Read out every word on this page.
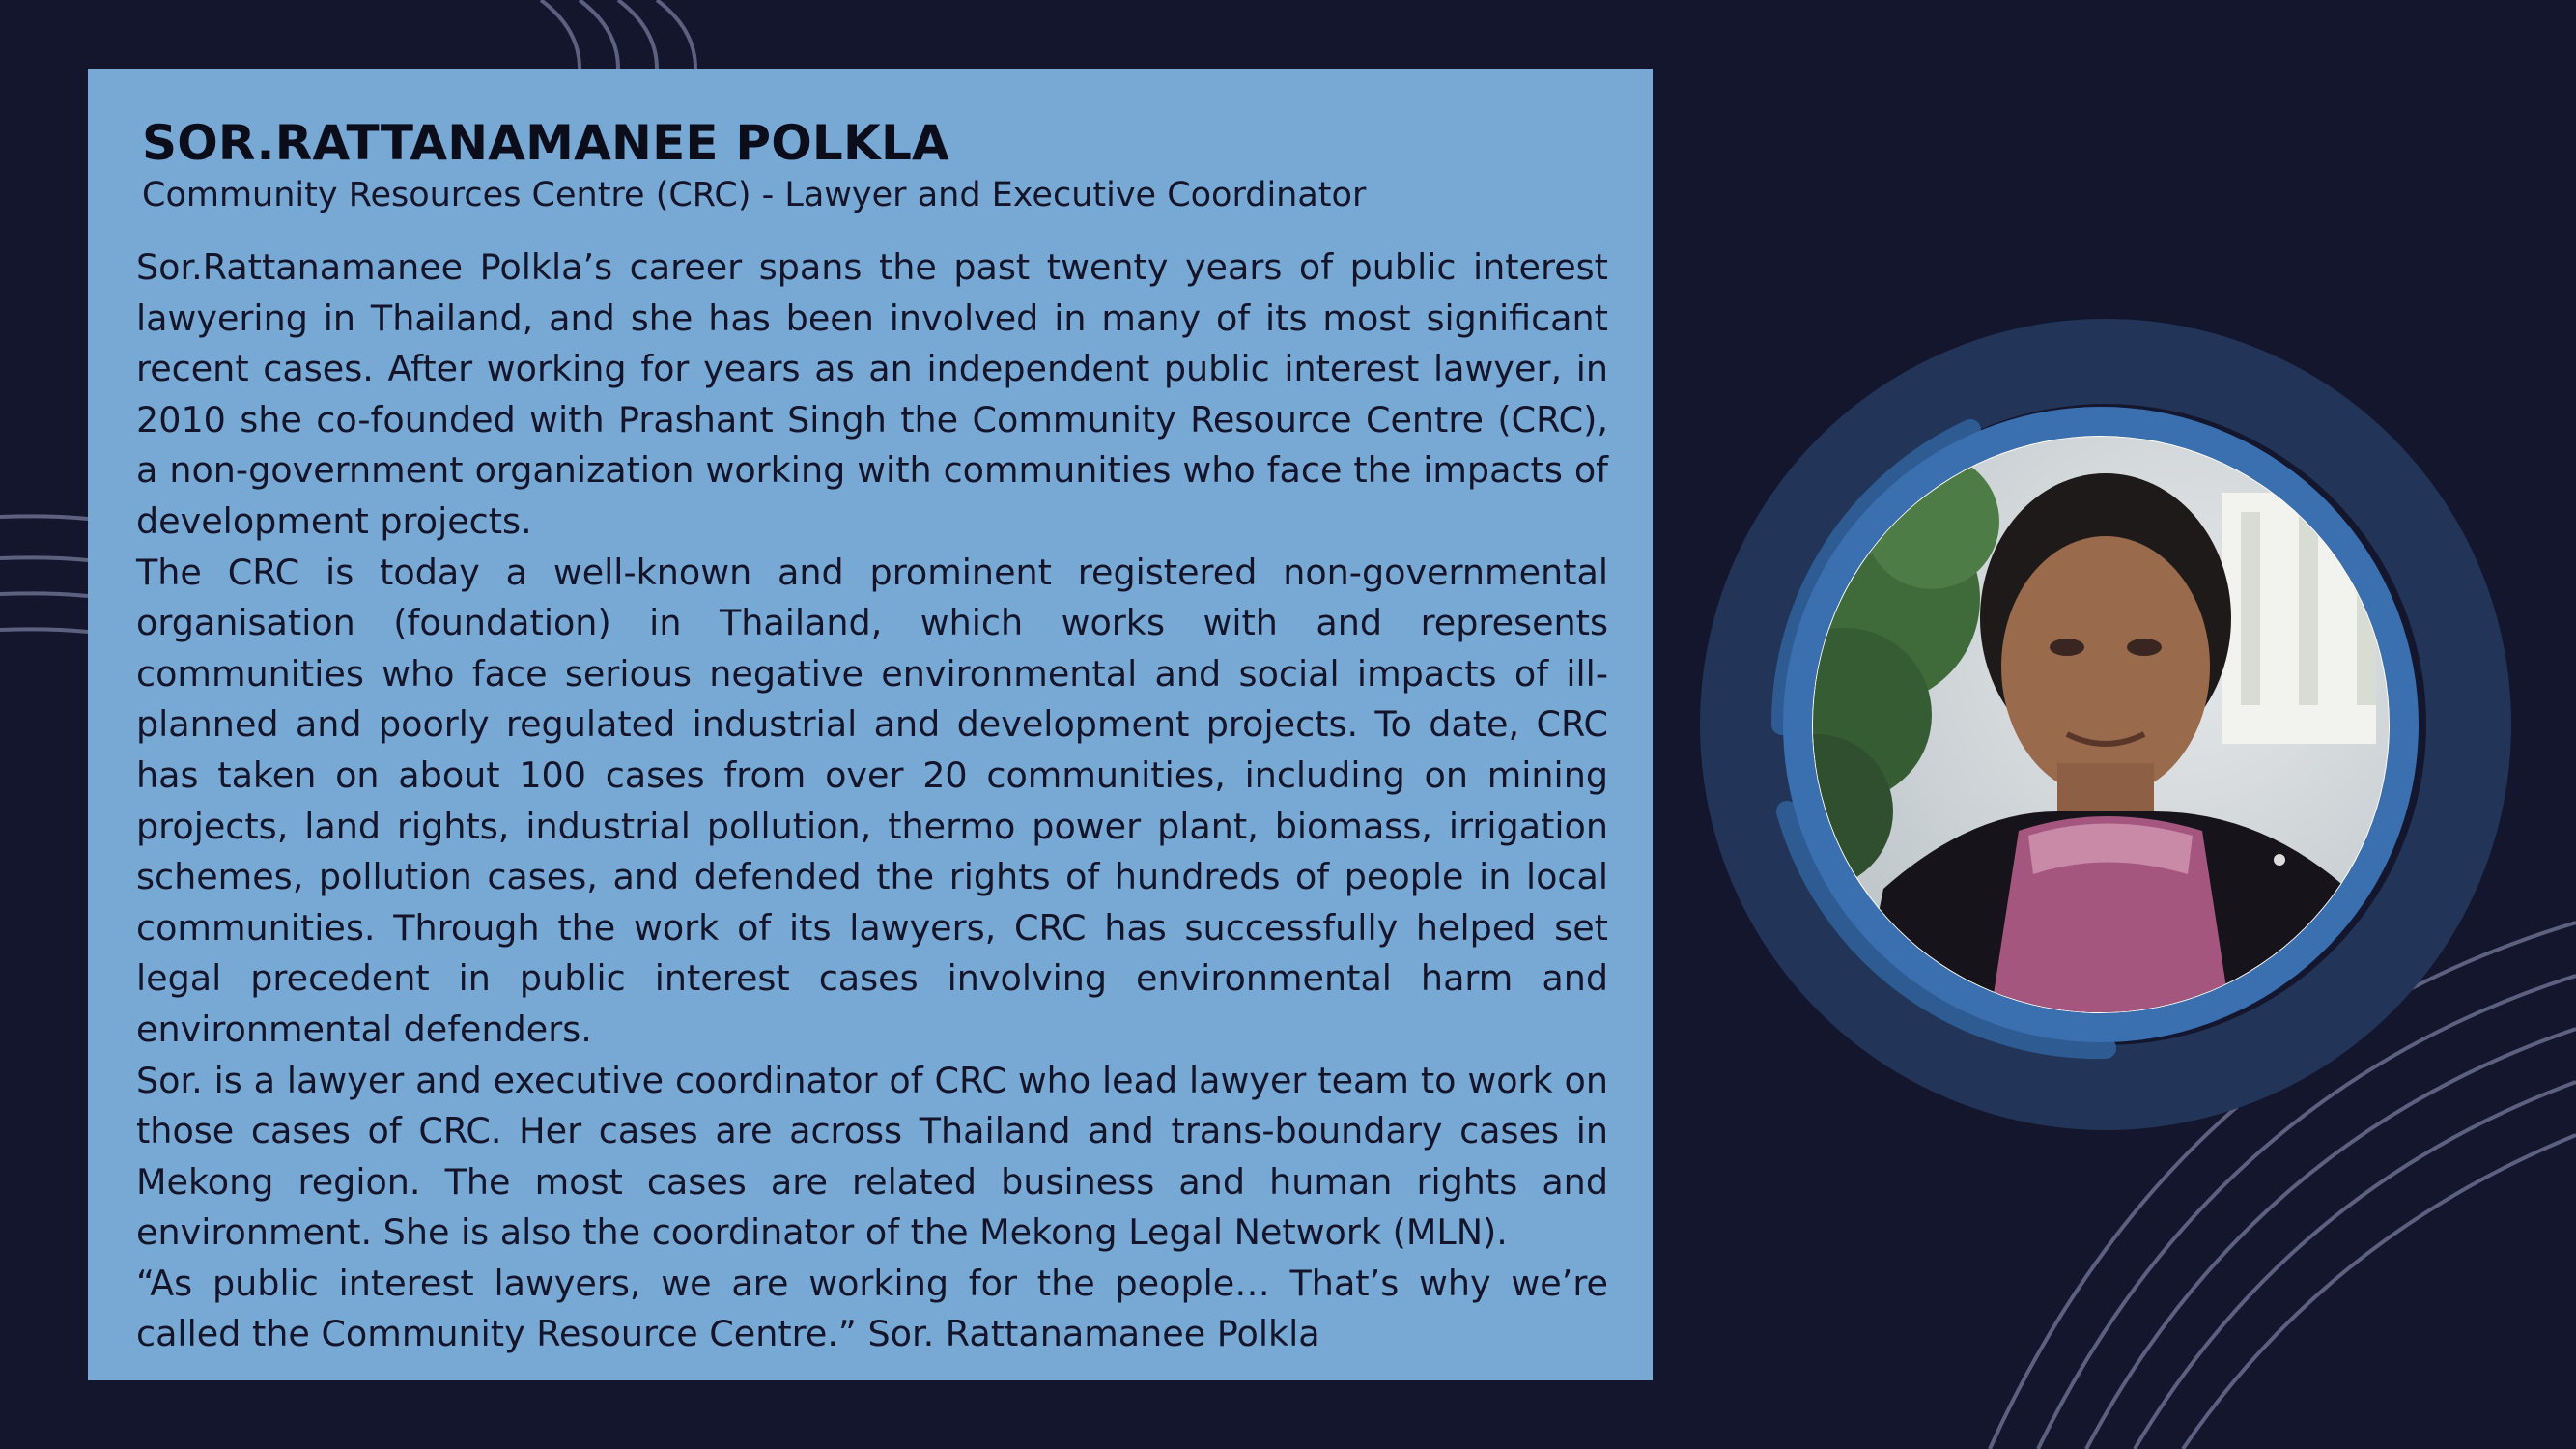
SOR.RATTANAMANEE POLKLA
Community Resources Centre (CRC) - Lawyer and Executive Coordinator

Sor.Rattanamanee Polkla’s career spans the past twenty years of public interest lawyering in Thailand, and she has been involved in many of its most significant recent cases. After working for years as an independent public interest lawyer, in 2010 she co-founded with Prashant Singh the Community Resource Centre (CRC), a non-government organization working with communities who face the impacts of development projects.

The CRC is today a well-known and prominent registered non-governmental organisation (foundation) in Thailand, which works with and represents communities who face serious negative environmental and social impacts of ill-planned and poorly regulated industrial and development projects. To date, CRC has taken on about 100 cases from over 20 communities, including on mining projects, land rights, industrial pollution, thermo power plant, biomass, irrigation schemes, pollution cases, and defended the rights of hundreds of people in local communities. Through the work of its lawyers, CRC has successfully helped set legal precedent in public interest cases involving environmental harm and environmental defenders.

Sor. is a lawyer and executive coordinator of CRC who lead lawyer team to work on those cases of CRC. Her cases are across Thailand and trans-boundary cases in Mekong region. The most cases are related business and human rights and environment. She is also the coordinator of the Mekong Legal Network (MLN).

“As public interest lawyers, we are working for the people… That’s why we’re called the Community Resource Centre.” Sor. Rattanamanee Polkla
